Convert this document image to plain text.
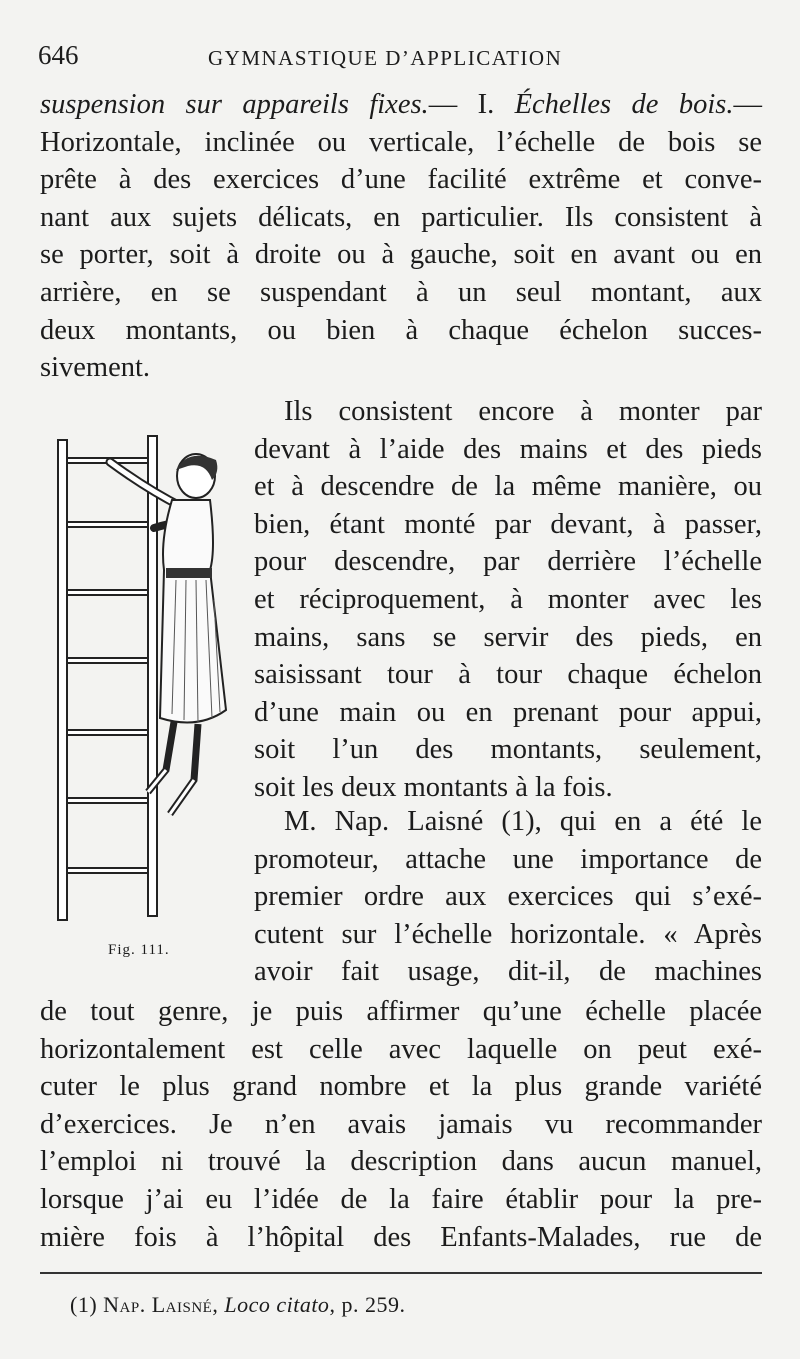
646	GYMNASTIQUE D’APPLICATION
suspension sur appareils fixes.— I. Échelles de bois.—
Horizontale, inclinée ou verticale, l’échelle de bois se
prête à des exercices d’une facilité extrême et conve-
nant aux sujets délicats, en particulier. Ils consistent à
se porter, soit à droite ou à gauche, soit en avant ou en
arrière, en se suspendant à un seul montant, aux
deux montants, ou bien à chaque échelon succes-
sivement.
Ils consistent encore à monter par
devant à l’aide des mains et des pieds
et à descendre de la même manière, ou
bien, étant monté par devant, à passer,
pour descendre, par derrière l’échelle
et réciproquement, à monter avec les
mains, sans se servir des pieds, en
saisissant tour à tour chaque échelon
d’une main ou en prenant pour appui,
soit l’un des montants, seulement,
soit les deux montants à la fois.
M. Nap. Laisné (1), qui en a été le
promoteur, attache une importance de
premier ordre aux exercices qui s’exé-
cutent sur l’échelle horizontale. « Après
avoir fait usage, dit-il, de machines
de tout genre, je puis affirmer qu’une échelle placée
horizontalement est celle avec laquelle on peut exé-
cuter le plus grand nombre et la plus grande variété
d’exercices. Je n’en avais jamais vu recommander
l’emploi ni trouvé la description dans aucun manuel,
lorsque j’ai eu l’idée de la faire établir pour la pre-
mière fois à l’hôpital des Enfants-Malades, rue de
Fig. 111.
(1) Nap. Laisné, Loco citato, p. 259.
